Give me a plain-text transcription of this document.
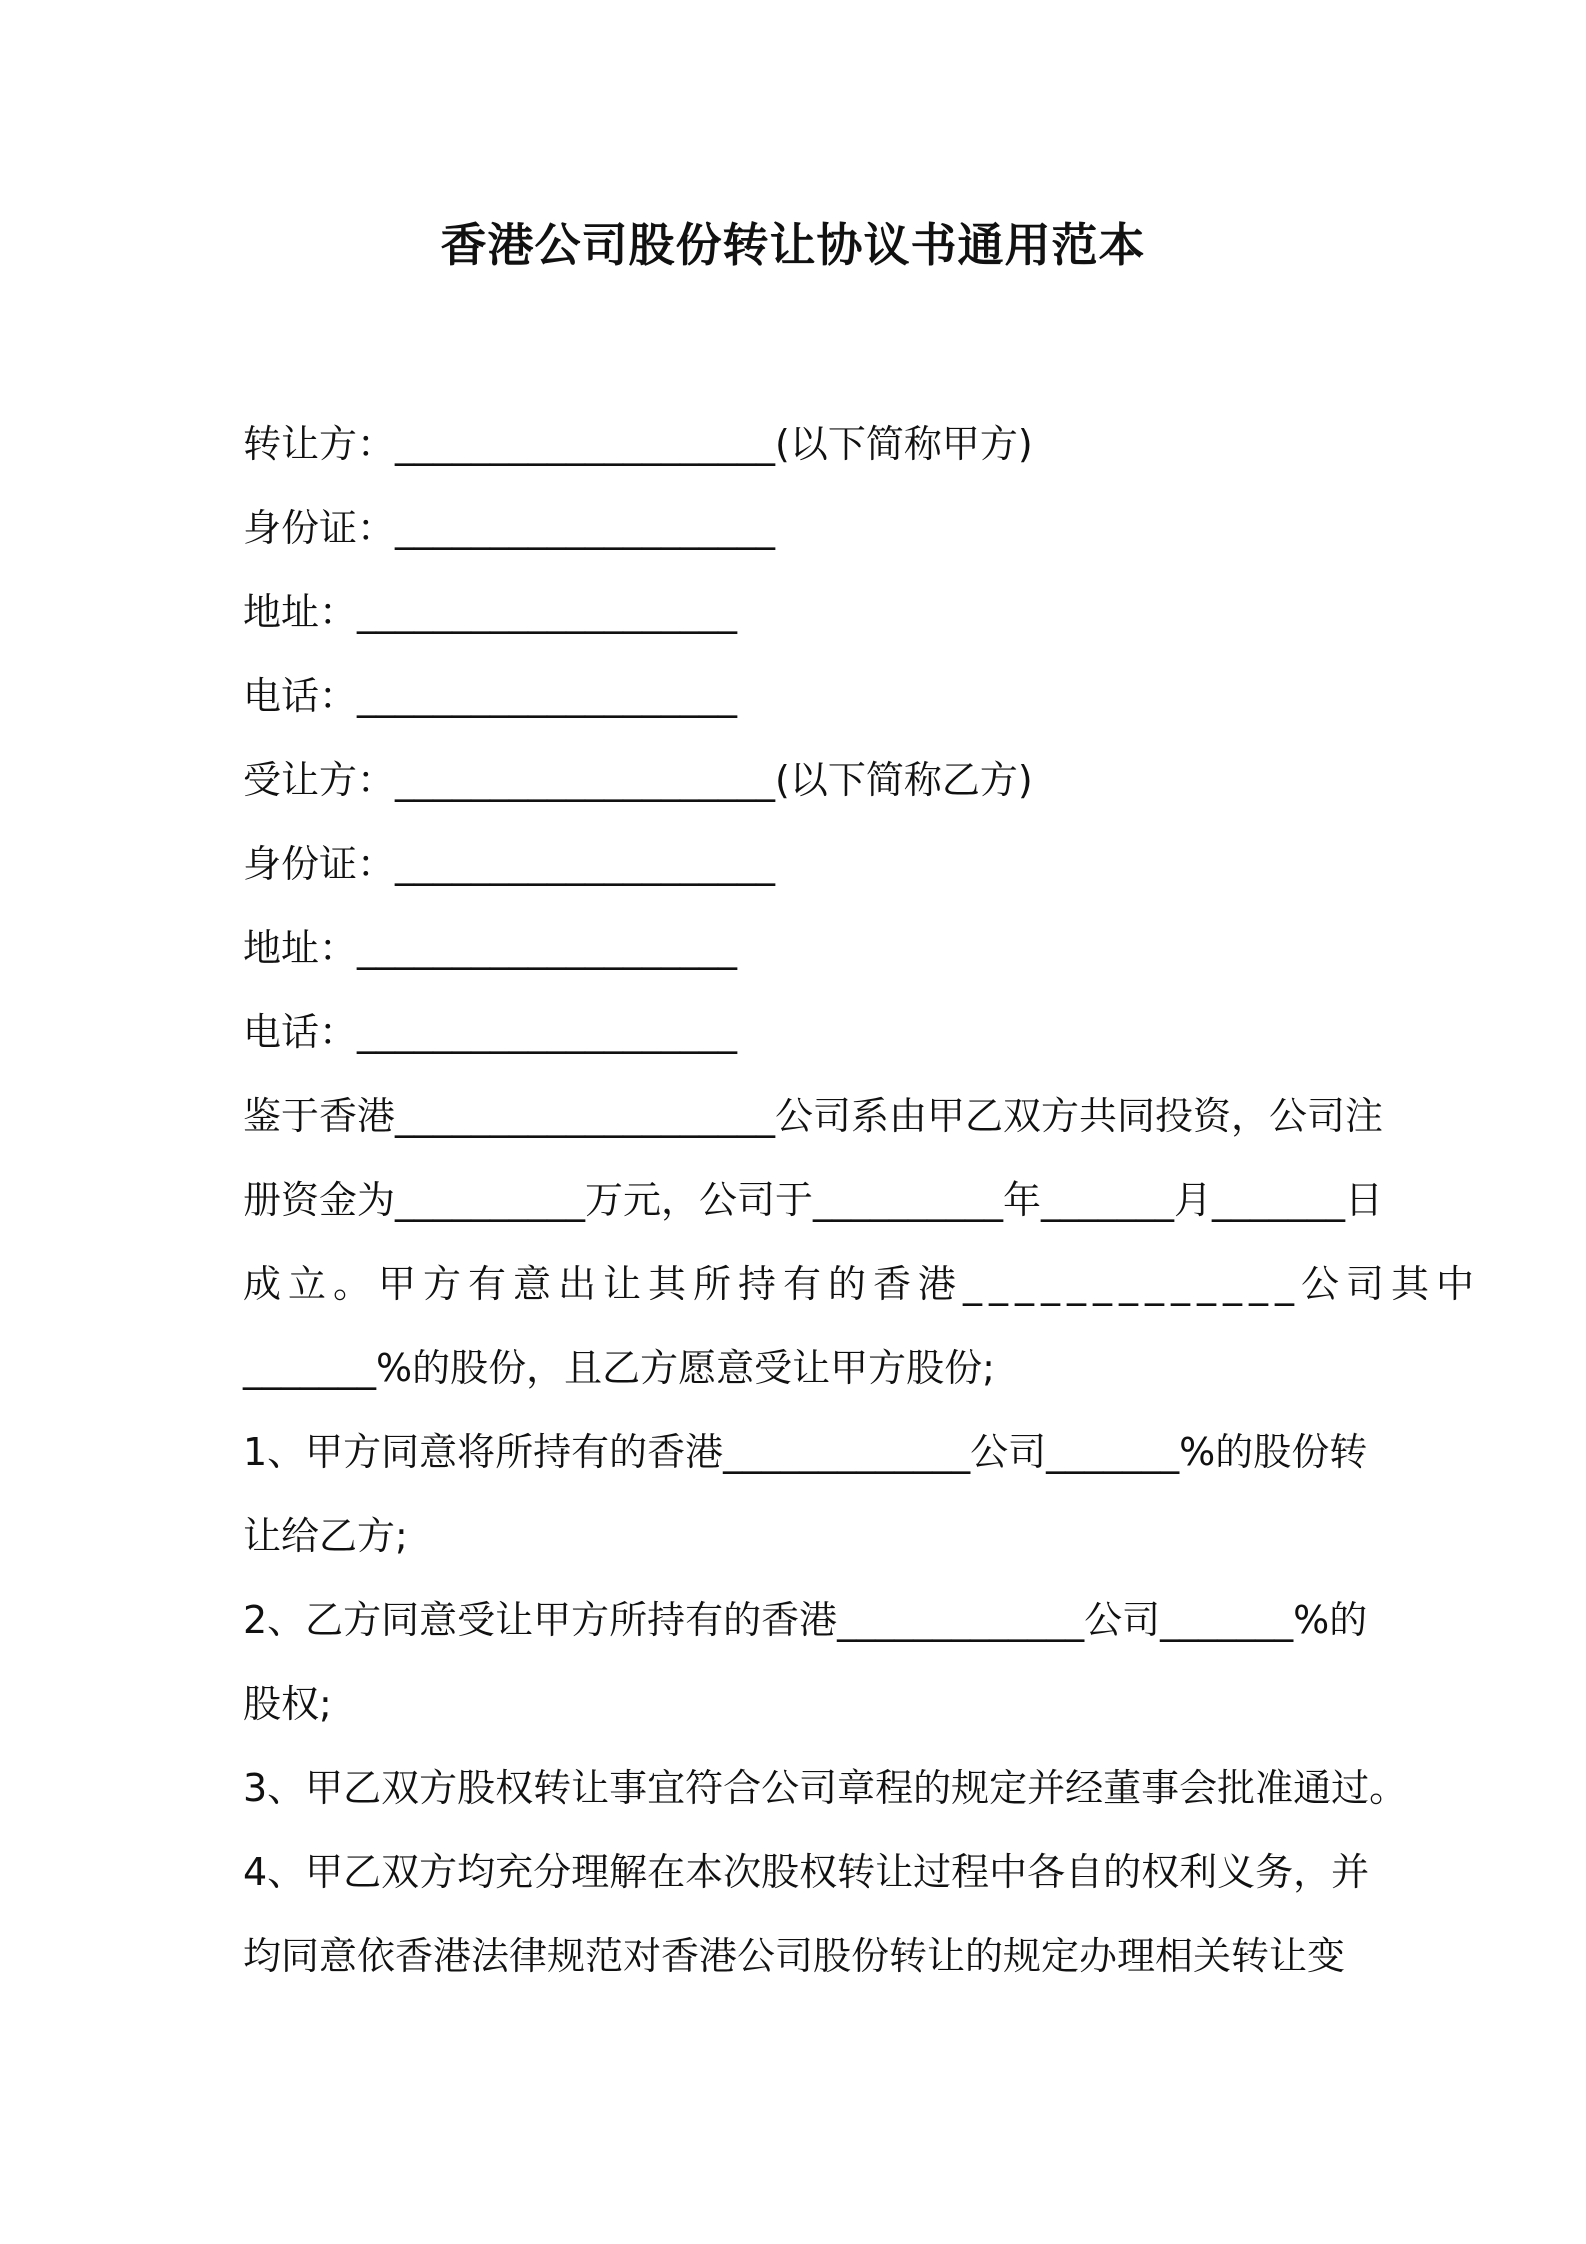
香港公司股份转让协议书通用范本
转让方：____________________(以下简称甲方)
身份证：____________________
地址：____________________
电话：____________________
受让方：____________________(以下简称乙方)
身份证：____________________
地址：____________________
电话：____________________
鉴于香港____________________公司系由甲乙双方共同投资，公司注
册资金为__________万元，公司于__________年_______月_______日
成立。甲方有意出让其所持有的香港_____________公司其中
_______%的股份，且乙方愿意受让甲方股份;
1、甲方同意将所持有的香港_____________公司_______%的股份转
让给乙方;
2、乙方同意受让甲方所持有的香港_____________公司_______%的
股权;
3、甲乙双方股权转让事宜符合公司章程的规定并经董事会批准通过。
4、甲乙双方均充分理解在本次股权转让过程中各自的权利义务，并
均同意依香港法律规范对香港公司股份转让的规定办理相关转让变
